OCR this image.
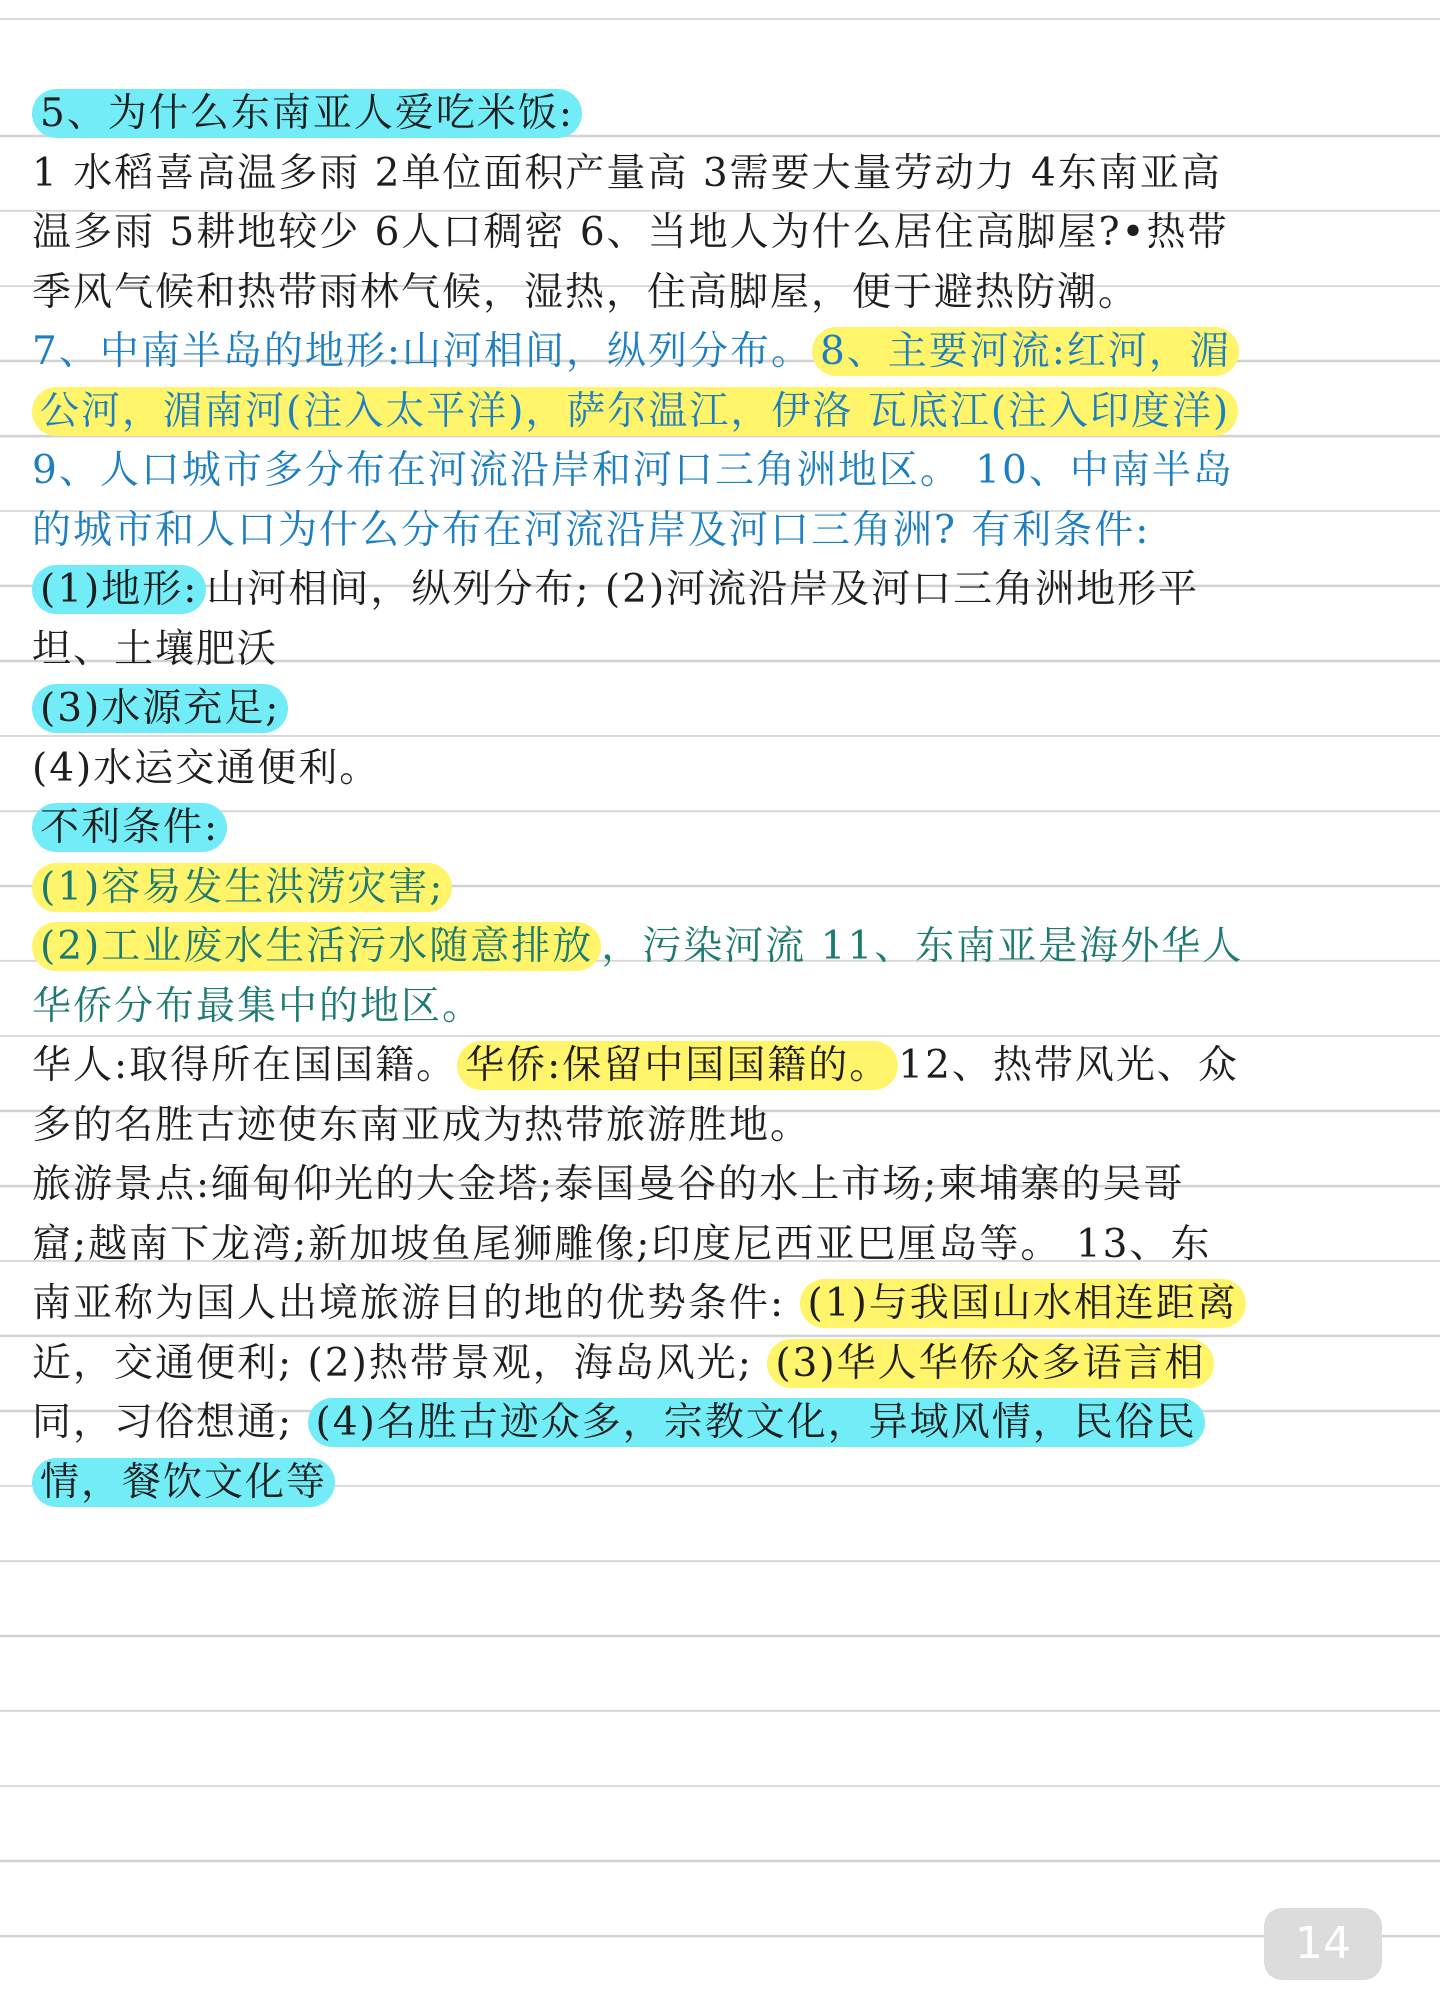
5、为什么东南亚人爱吃米饭:
1 水稻喜高温多雨 2单位面积产量高 3需要大量劳动力 4东南亚高
温多雨 5耕地较少 6人口稠密 6、当地人为什么居住高脚屋?•热带
季风气候和热带雨林气候，湿热，住高脚屋，便于避热防潮。
7、中南半岛的地形:山河相间，纵列分布。 8、主要河流:红河，湄
公河，湄南河(注入太平洋)，萨尔温江，伊洛 瓦底江(注入印度洋)
9、人口城市多分布在河流沿岸和河口三角洲地区。 10、中南半岛
的城市和人口为什么分布在河流沿岸及河口三角洲? 有利条件:
(1)地形: 山河相间，纵列分布; (2)河流沿岸及河口三角洲地形平
坦、土壤肥沃
(3)水源充足;
(4)水运交通便利。
不利条件:
(1)容易发生洪涝灾害;
(2)工业废水生活污水随意排放 ，污染河流 11、东南亚是海外华人
华侨分布最集中的地区。
华人:取得所在国国籍。 华侨:保留中国国籍的。 12、热带风光、众
多的名胜古迹使东南亚成为热带旅游胜地。
旅游景点:缅甸仰光的大金塔;泰国曼谷的水上市场;柬埔寨的吴哥
窟;越南下龙湾;新加坡鱼尾狮雕像;印度尼西亚巴厘岛等。 13、东
南亚称为国人出境旅游目的地的优势条件: (1)与我国山水相连距离
近，交通便利; (2)热带景观，海岛风光; (3)华人华侨众多语言相
同，习俗想通; (4)名胜古迹众多，宗教文化，异域风情，民俗民
情，餐饮文化等
14
